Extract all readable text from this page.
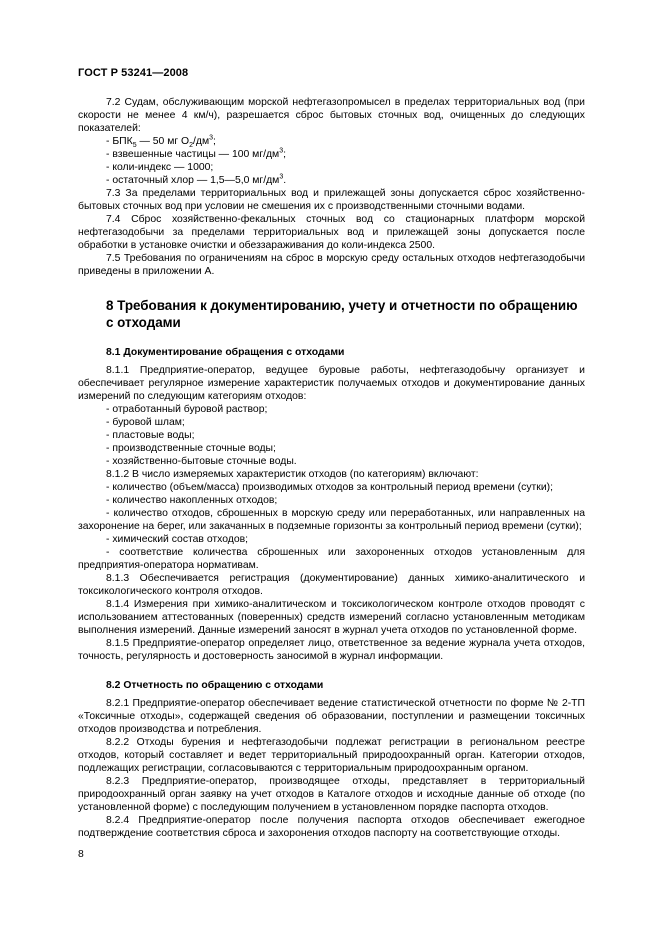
ГОСТ Р 53241—2008

7.2 Судам, обслуживающим морской нефтегазопромысел в пределах территориальных вод (при скорости не менее 4 км/ч), разрешается сброс бытовых сточных вод, очищенных до следующих показателей:

- $БПК_5$ — 50 мг $О_2/дм^3$;

- взвешенные частицы — 100 $мг/дм^3$;

- коли-индекс — 1000;

- остаточный хлор — 1,5—5,0 $мг/дм^3$.

7.3 За пределами территориальных вод и прилежащей зоны допускается сброс хозяйственно-бытовых сточных вод при условии не смешения их с производственными сточными водами.

7.4 Сброс хозяйственно-фекальных сточных вод со стационарных платформ морской нефтегазодобычи за пределами территориальных вод и прилежащей зоны допускается после обработки в установке очистки и обеззараживания до коли-индекса 2500.

7.5 Требования по ограничениям на сброс в морскую среду остальных отходов нефтегазодобычи приведены в приложении А.

8 Требования к документированию, учету и отчетности по обращению с отходами

8.1 Документирование обращения с отходами

8.1.1 Предприятие-оператор, ведущее буровые работы, нефтегазодобычу организует и обеспечивает регулярное измерение характеристик получаемых отходов и документирование данных измерений по следующим категориям отходов:

- отработанный буровой раствор;

- буровой шлам;

- пластовые воды;

- производственные сточные воды;

- хозяйственно-бытовые сточные воды.

8.1.2 В число измеряемых характеристик отходов (по категориям) включают:

- количество (объем/масса) производимых отходов за контрольный период времени (сутки);

- количество накопленных отходов;

- количество отходов, сброшенных в морскую среду или переработанных, или направленных на захоронение на берег, или закачанных в подземные горизонты за контрольный период времени (сутки);

- химический состав отходов;

- соответствие количества сброшенных или захороненных отходов установленным для предприятия-оператора нормативам.

8.1.3 Обеспечивается регистрация (документирование) данных химико-аналитического и токсикологического контроля отходов.

8.1.4 Измерения при химико-аналитическом и токсикологическом контроле отходов проводят с использованием аттестованных (поверенных) средств измерений согласно установленным методикам выполнения измерений. Данные измерений заносят в журнал учета отходов по установленной форме.

8.1.5 Предприятие-оператор определяет лицо, ответственное за ведение журнала учета отходов, точность, регулярность и достоверность заносимой в журнал информации.

8.2 Отчетность по обращению с отходами

8.2.1 Предприятие-оператор обеспечивает ведение статистической отчетности по форме № 2-ТП «Токсичные отходы», содержащей сведения об образовании, поступлении и размещении токсичных отходов производства и потребления.

8.2.2 Отходы бурения и нефтегазодобычи подлежат регистрации в региональном реестре отходов, который составляет и ведет территориальный природоохранный орган. Категории отходов, подлежащих регистрации, согласовываются с территориальным природоохранным органом.

8.2.3 Предприятие-оператор, производящее отходы, представляет в территориальный природоохранный орган заявку на учет отходов в Каталоге отходов и исходные данные об отходе (по установленной форме) с последующим получением в установленном порядке паспорта отходов.

8.2.4 Предприятие-оператор после получения паспорта отходов обеспечивает ежегодное подтверждение соответствия сброса и захоронения отходов паспорту на соответствующие отходы.

8
